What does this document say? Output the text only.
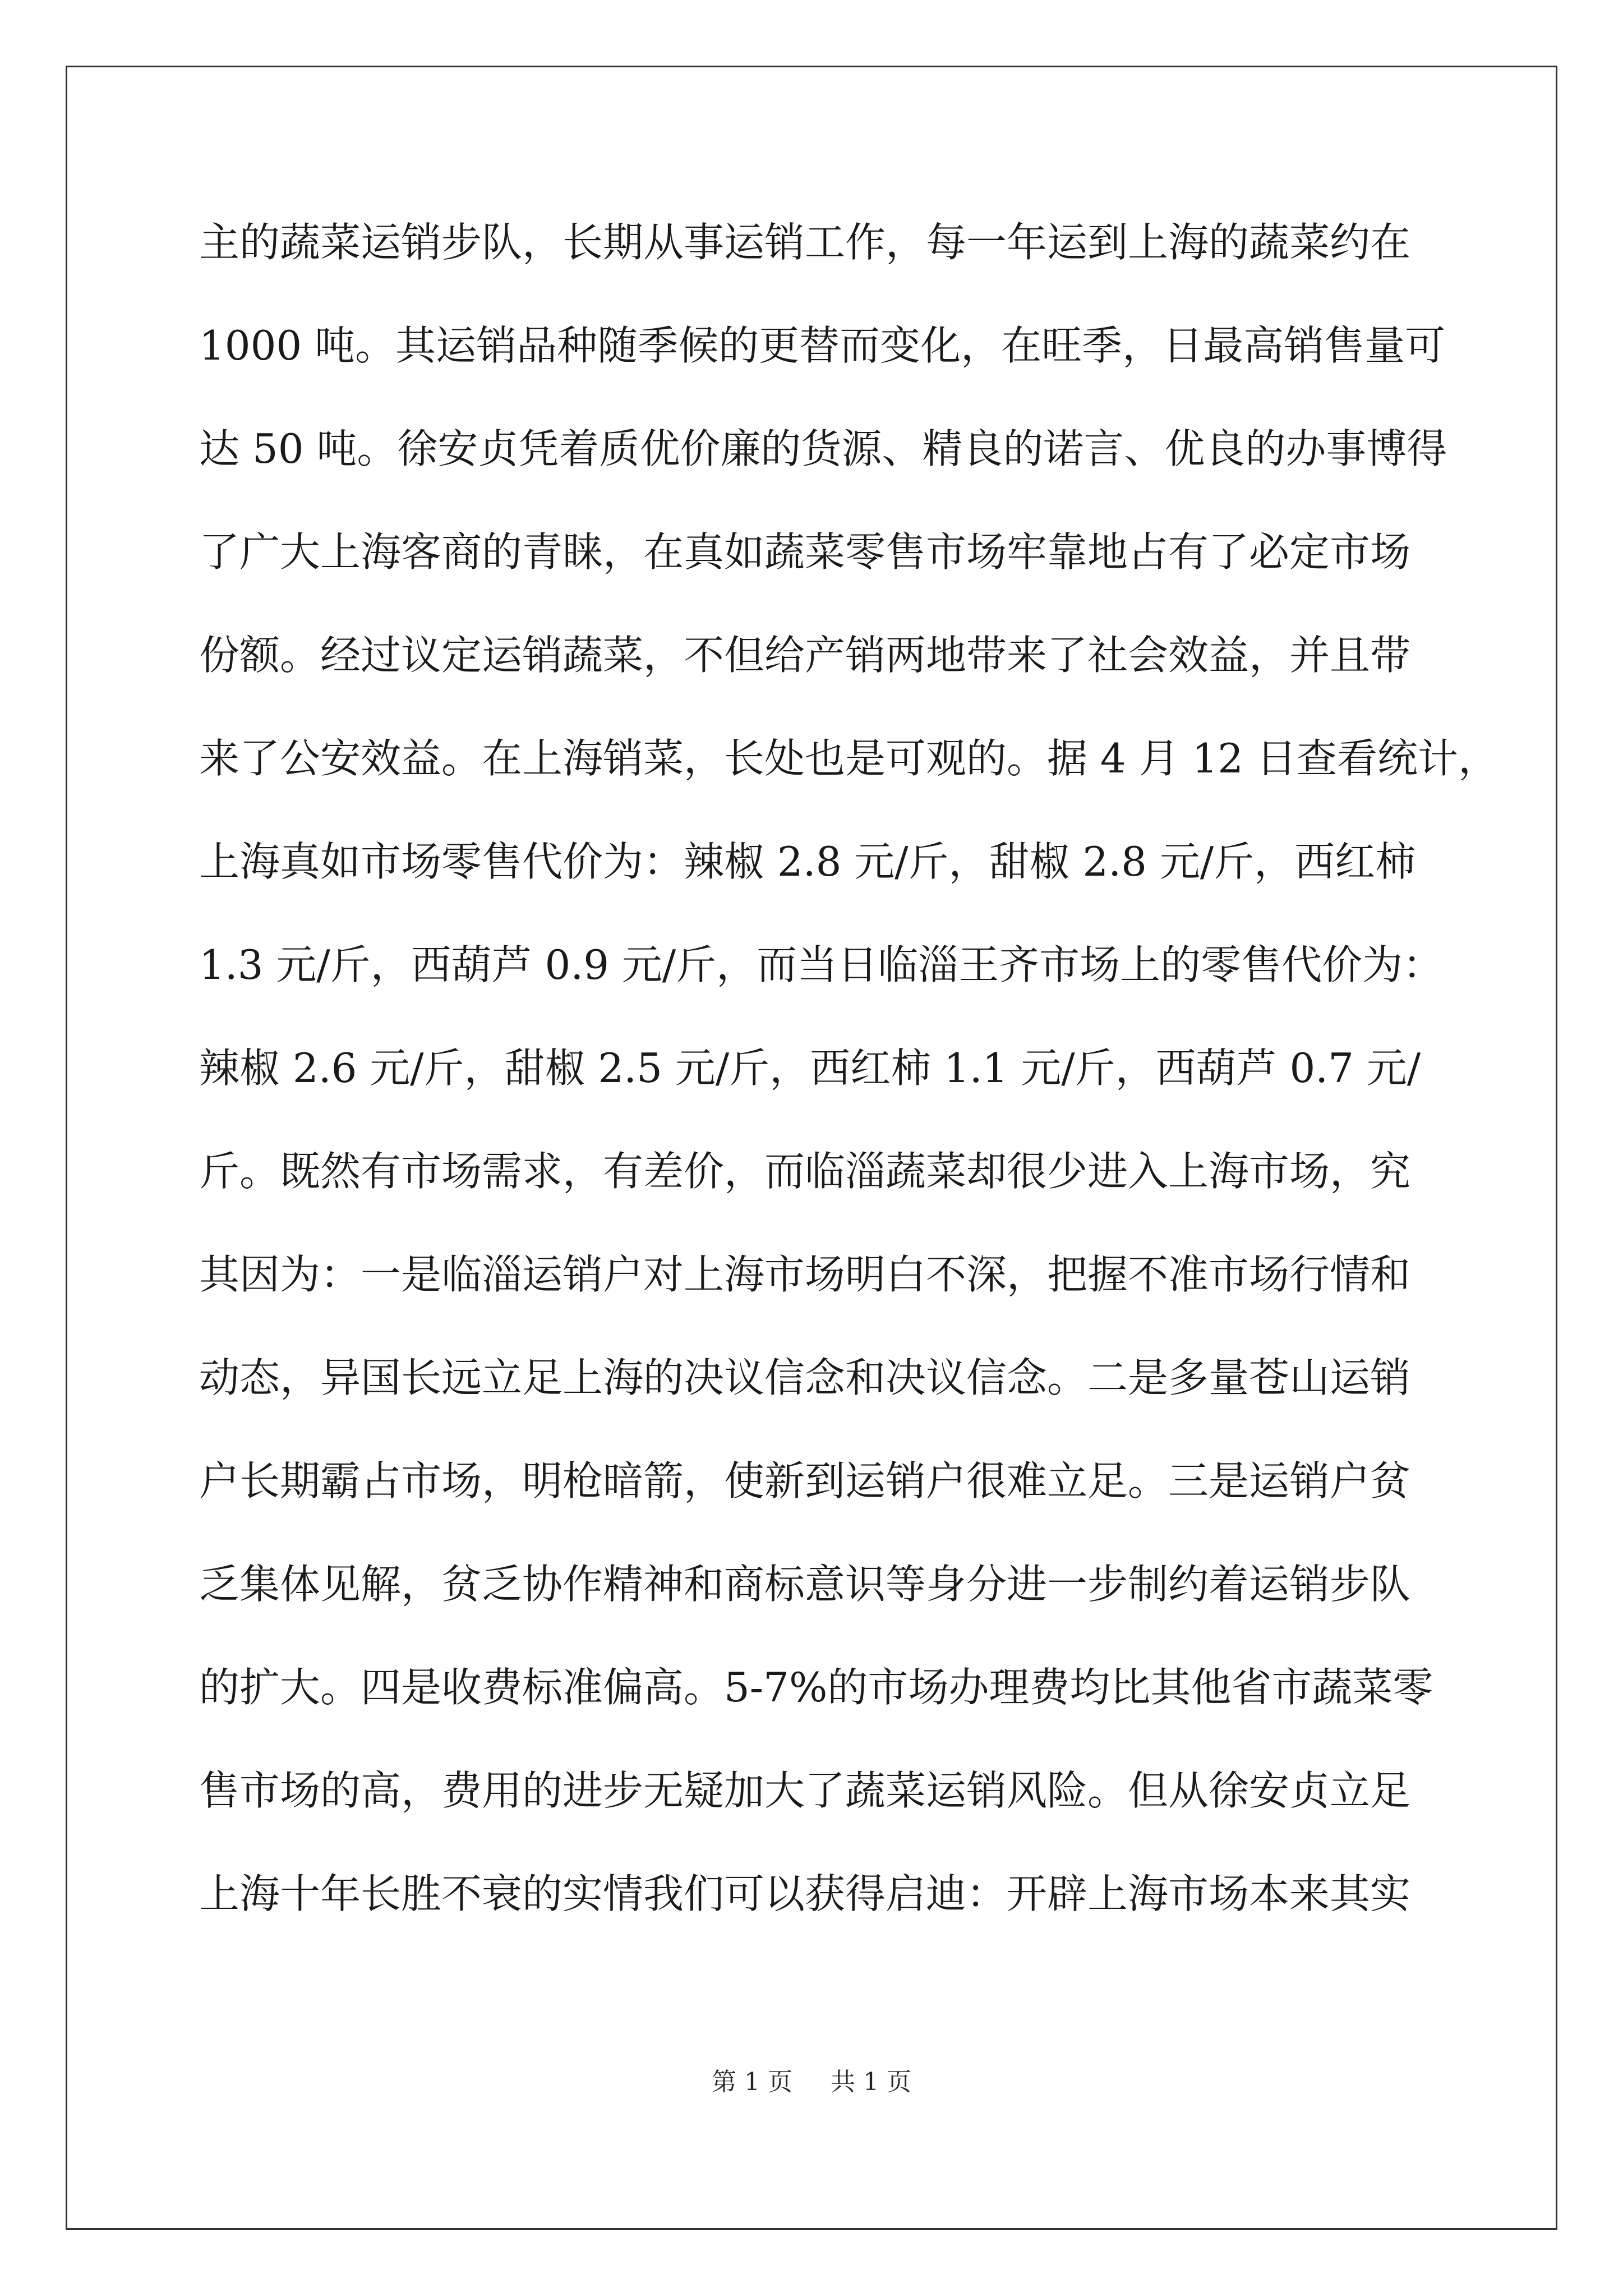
主的蔬菜运销步队，长期从事运销工作，每一年运到上海的蔬菜约在
1000 吨。其运销品种随季候的更替而变化，在旺季，日最高销售量可
达 50 吨。徐安贞凭着质优价廉的货源、精良的诺言、优良的办事博得
了广大上海客商的青睐，在真如蔬菜零售市场牢靠地占有了必定市场
份额。经过议定运销蔬菜，不但给产销两地带来了社会效益，并且带
来了公安效益。在上海销菜，长处也是可观的。据 4 月 12 日查看统计，
上海真如市场零售代价为：辣椒 2.8 元/斤，甜椒 2.8 元/斤，西红柿
1.3 元/斤，西葫芦 0.9 元/斤，而当日临淄王齐市场上的零售代价为：
辣椒 2.6 元/斤，甜椒 2.5 元/斤，西红柿 1.1 元/斤，西葫芦 0.7 元/
斤。既然有市场需求，有差价，而临淄蔬菜却很少进入上海市场，究
其因为：一是临淄运销户对上海市场明白不深，把握不准市场行情和
动态，异国长远立足上海的决议信念和决议信念。二是多量苍山运销
户长期霸占市场，明枪暗箭，使新到运销户很难立足。三是运销户贫
乏集体见解，贫乏协作精神和商标意识等身分进一步制约着运销步队
的扩大。四是收费标准偏高。5-7%的市场办理费均比其他省市蔬菜零
售市场的高，费用的进步无疑加大了蔬菜运销风险。但从徐安贞立足
上海十年长胜不衰的实情我们可以获得启迪：开辟上海市场本来其实
第 1 页 共 1 页
